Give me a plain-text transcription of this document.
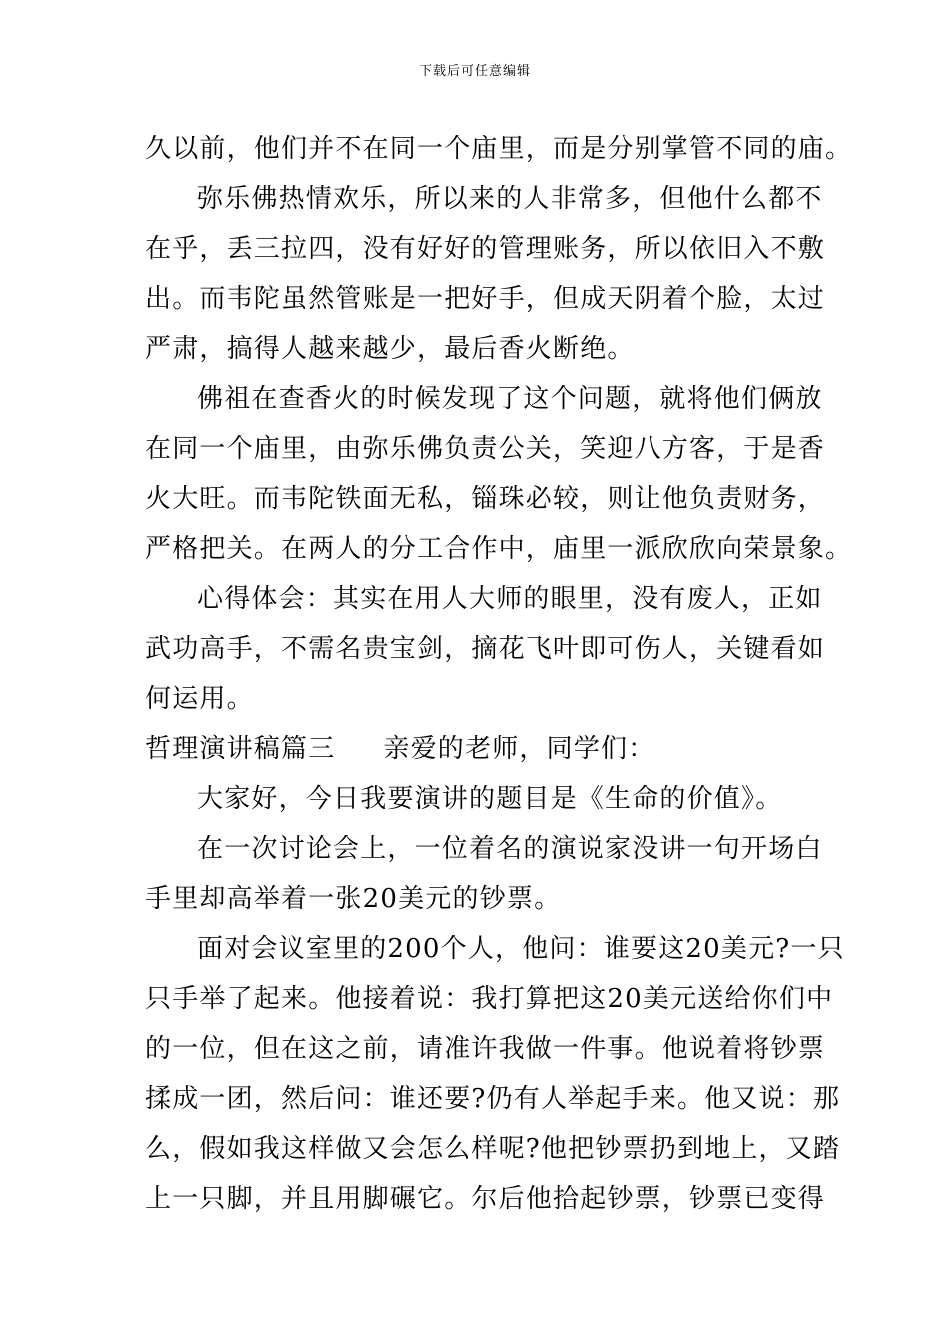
下载后可任意编辑
久以前，他们并不在同一个庙里，而是分别掌管不同的庙。
弥乐佛热情欢乐，所以来的人非常多，但他什么都不
在乎，丢三拉四，没有好好的管理账务，所以依旧入不敷
出。而韦陀虽然管账是一把好手，但成天阴着个脸，太过
严肃，搞得人越来越少，最后香火断绝。
佛祖在查香火的时候发现了这个问题，就将他们俩放
在同一个庙里，由弥乐佛负责公关，笑迎八方客，于是香
火大旺。而韦陀铁面无私，锱珠必较，则让他负责财务，
严格把关。在两人的分工合作中，庙里一派欣欣向荣景象。
心得体会：其实在用人大师的眼里，没有废人，正如
武功高手，不需名贵宝剑，摘花飞叶即可伤人，关键看如
何运用。
哲理演讲稿篇三 亲爱的老师，同学们：
大家好，今日我要演讲的题目是《生命的价值》。
在一次讨论会上，一位着名的演说家没讲一句开场白
手里却高举着一张20美元的钞票。
面对会议室里的200个人，他问：谁要这20美元?一只
只手举了起来。他接着说：我打算把这20美元送给你们中
的一位，但在这之前，请准许我做一件事。他说着将钞票
揉成一团，然后问：谁还要?仍有人举起手来。他又说：那
么，假如我这样做又会怎么样呢?他把钞票扔到地上，又踏
上一只脚，并且用脚碾它。尔后他拾起钞票，钞票已变得
